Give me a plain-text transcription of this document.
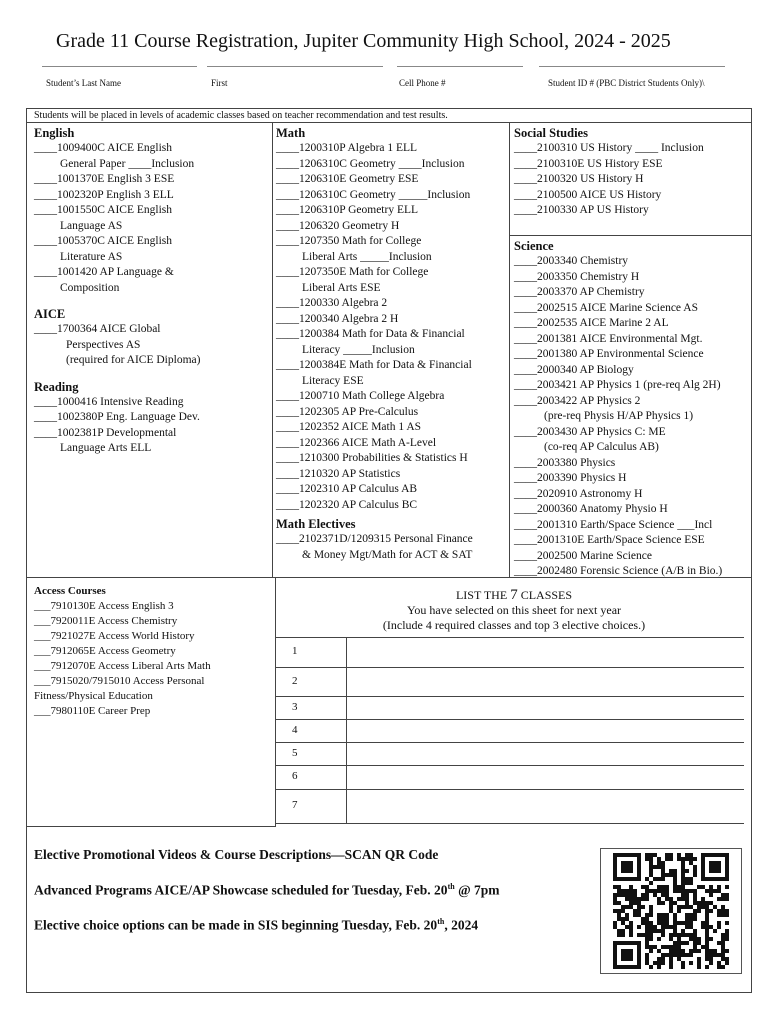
Grade 11 Course Registration, Jupiter Community High School, 2024 - 2025
Student’s Last Name	First	Cell Phone #	Student ID # (PBC District Students Only)\
Students will be placed in levels of academic classes based on teacher recommendation and test results.
English
____1009400C AICE English
General Paper ____Inclusion
____1001370E English 3 ESE
____1002320P English 3 ELL
____1001550C AICE English
Language AS
____1005370C AICE English
Literature AS
____1001420 AP Language &
Composition
AICE
____1700364 AICE Global
Perspectives AS
(required for AICE Diploma)
Reading
____1000416 Intensive Reading
____1002380P Eng. Language Dev.
____1002381P Developmental
Language Arts ELL
Math
____1200310P Algebra 1 ELL
____1206310C Geometry ____Inclusion
____1206310E Geometry ESE
____1206310C Geometry _____Inclusion
____1206310P Geometry ELL
____1206320 Geometry H
____1207350 Math for College
Liberal Arts _____Inclusion
____1207350E Math for College
Liberal Arts ESE
____1200330 Algebra 2
____1200340 Algebra 2 H
____1200384 Math for Data & Financial
Literacy _____Inclusion
____1200384E Math for Data & Financial
Literacy ESE
____1200710 Math College Algebra
____1202305 AP Pre-Calculus
____1202352 AICE Math 1 AS
____1202366 AICE Math A-Level
____1210300 Probabilities & Statistics H
____1210320 AP Statistics
____1202310 AP Calculus AB
____1202320 AP Calculus BC
Math Electives
____2102371D/1209315 Personal Finance
& Money Mgt/Math for ACT & SAT
Social Studies
____2100310 US History ____ Inclusion
____2100310E US History ESE
____2100320 US History H
____2100500 AICE US History
____2100330 AP US History
Science
____2003340 Chemistry
____2003350 Chemistry H
____2003370 AP Chemistry
____2002515 AICE Marine Science AS
____2002535 AICE Marine 2 AL
____2001381 AICE Environmental Mgt.
____2001380 AP Environmental Science
____2000340 AP Biology
____2003421 AP Physics 1 (pre-req Alg 2H)
____2003422 AP Physics 2
(pre-req Physis H/AP Physics 1)
____2003430 AP Physics C: ME
(co-req AP Calculus AB)
____2003380 Physics
____2003390 Physics H
____2020910 Astronomy H
____2000360 Anatomy Physio H
____2001310 Earth/Space Science ___Incl
____2001310E Earth/Space Science ESE
____2002500 Marine Science
____2002480 Forensic Science (A/B in Bio.)
Access Courses
___7910130E Access English 3
___7920011E Access Chemistry
___7921027E Access World History
___7912065E Access Geometry
___7912070E Access Liberal Arts Math
___7915020/7915010 Access Personal
Fitness/Physical Education
___7980110E Career Prep
LIST THE 7 CLASSES
You have selected on this sheet for next year
(Include 4 required classes and top 3 elective choices.)
1
2
3
4
5
6
7
Elective Promotional Videos & Course Descriptions—SCAN QR Code
Advanced Programs AICE/AP Showcase scheduled for Tuesday, Feb. 20th @ 7pm
Elective choice options can be made in SIS beginning Tuesday, Feb. 20th, 2024
